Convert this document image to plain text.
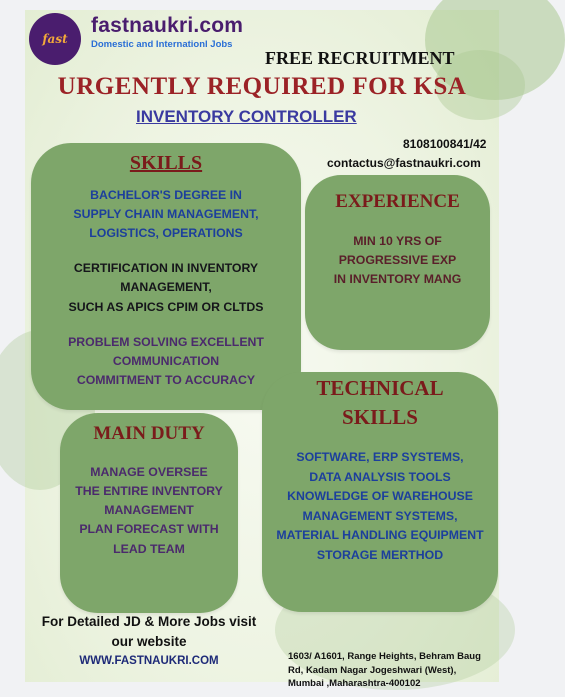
fast
fastnaukri.com
Domestic and Internationl Jobs
FREE RECRUITMENT
URGENTLY REQUIRED FOR KSA
INVENTORY CONTROLLER
8108100841/42
contactus@fastnaukri.com
SKILLS
BACHELOR'S DEGREE IN
SUPPLY CHAIN MANAGEMENT,
LOGISTICS, OPERATIONS
CERTIFICATION IN INVENTORY
MANAGEMENT,
SUCH AS APICS CPIM OR CLTDS
PROBLEM SOLVING EXCELLENT
COMMUNICATION
COMMITMENT TO ACCURACY
EXPERIENCE
MIN 10 YRS OF
PROGRESSIVE EXP
IN INVENTORY MANG
MAIN DUTY
MANAGE OVERSEE
THE ENTIRE INVENTORY
MANAGEMENT
PLAN FORECAST WITH
LEAD TEAM
TECHNICAL
SKILLS
SOFTWARE, ERP SYSTEMS,
DATA ANALYSIS TOOLS
KNOWLEDGE OF WAREHOUSE
MANAGEMENT SYSTEMS,
MATERIAL HANDLING EQUIPMENT
STORAGE MERTHOD
For Detailed JD & More Jobs visit
our website
WWW.FASTNAUKRI.COM	1603/ A1601, Range Heights, Behram Baug
Rd, Kadam Nagar Jogeshwari (West),
Mumbai ,Maharashtra-400102
